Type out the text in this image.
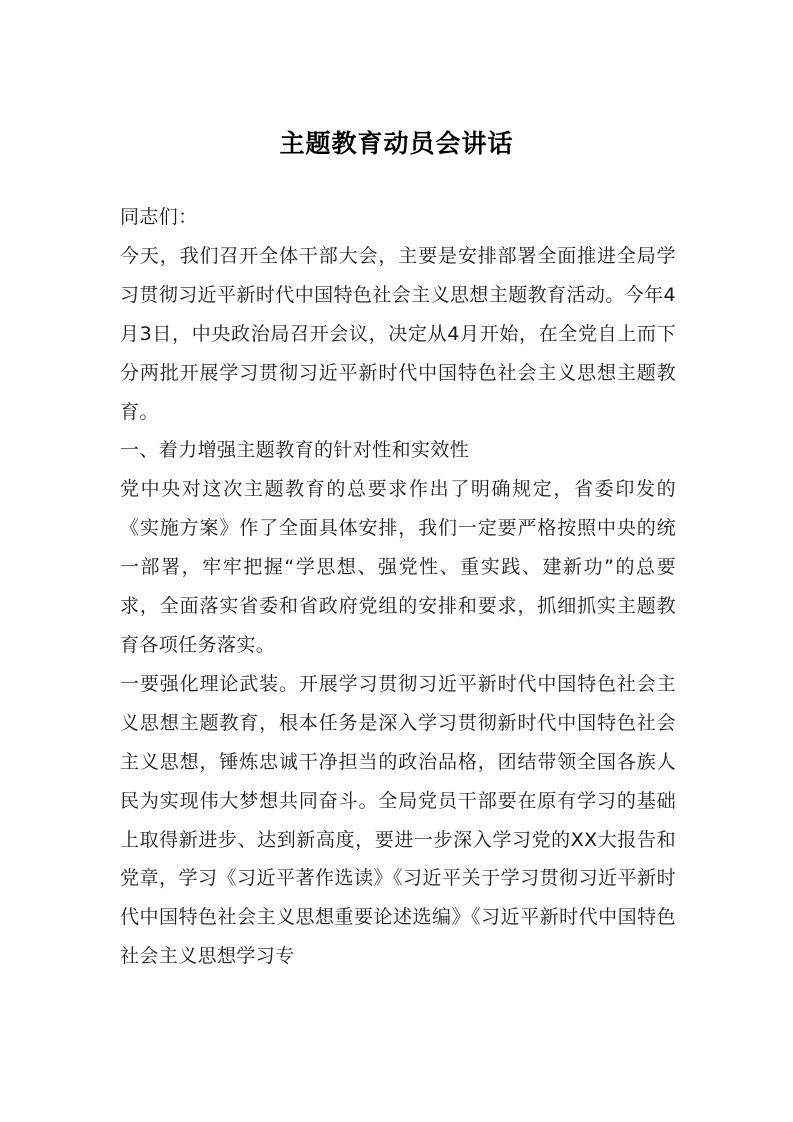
主题教育动员会讲话

同志们：

今天，我们召开全体干部大会，主要是安排部署全面推进全局学习贯彻习近平新时代中国特色社会主义思想主题教育活动。今年4月3日，中央政治局召开会议，决定从4月开始，在全党自上而下分两批开展学习贯彻习近平新时代中国特色社会主义思想主题教育。

一、着力增强主题教育的针对性和实效性

党中央对这次主题教育的总要求作出了明确规定，省委印发的《实施方案》作了全面具体安排，我们一定要严格按照中央的统一部署，牢牢把握“学思想、强党性、重实践、建新功”的总要求，全面落实省委和省政府党组的安排和要求，抓细抓实主题教育各项任务落实。

一要强化理论武装。开展学习贯彻习近平新时代中国特色社会主义思想主题教育，根本任务是深入学习贯彻新时代中国特色社会主义思想，锤炼忠诚干净担当的政治品格，团结带领全国各族人民为实现伟大梦想共同奋斗。全局党员干部要在原有学习的基础上取得新进步、达到新高度，要进一步深入学习党的XX大报告和党章，学习《习近平著作选读》《习近平关于学习贯彻习近平新时代中国特色社会主义思想重要论述选编》《习近平新时代中国特色社会主义思想学习专
